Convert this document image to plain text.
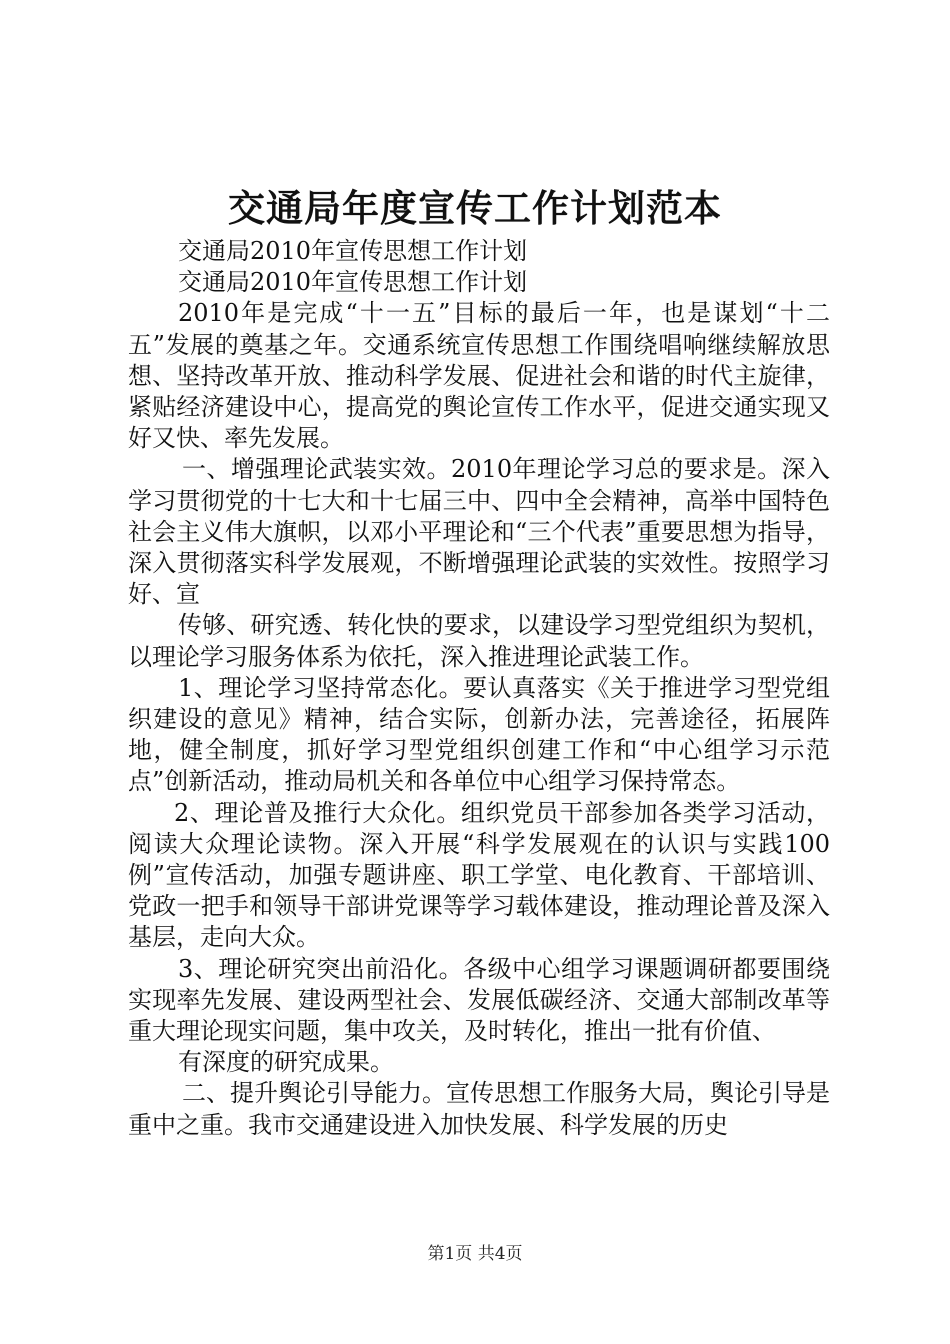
交通局年度宣传工作计划范本

交通局2010年宣传思想工作计划

交通局2010年宣传思想工作计划

2010年是完成“十一五”目标的最后一年，也是谋划“十二五”发展的奠基之年。交通系统宣传思想工作围绕唱响继续解放思想、坚持改革开放、推动科学发展、促进社会和谐的时代主旋律，紧贴经济建设中心，提高党的舆论宣传工作水平，促进交通实现又好又快、率先发展。

一、增强理论武装实效。2010年理论学习总的要求是。深入学习贯彻党的十七大和十七届三中、四中全会精神，高举中国特色社会主义伟大旗帜，以邓小平理论和“三个代表”重要思想为指导，深入贯彻落实科学发展观，不断增强理论武装的实效性。按照学习好、宣

传够、研究透、转化快的要求，以建设学习型党组织为契机，以理论学习服务体系为依托，深入推进理论武装工作。

1、理论学习坚持常态化。要认真落实《关于推进学习型党组织建设的意见》精神，结合实际，创新办法，完善途径，拓展阵地，健全制度，抓好学习型党组织创建工作和“中心组学习示范点”创新活动，推动局机关和各单位中心组学习保持常态。

2、理论普及推行大众化。组织党员干部参加各类学习活动，阅读大众理论读物。深入开展“科学发展观在的认识与实践100例”宣传活动，加强专题讲座、职工学堂、电化教育、干部培训、党政一把手和领导干部讲党课等学习载体建设，推动理论普及深入基层，走向大众。

3、理论研究突出前沿化。各级中心组学习课题调研都要围绕实现率先发展、建设两型社会、发展低碳经济、交通大部制改革等重大理论现实问题，集中攻关，及时转化，推出一批有价值、

有深度的研究成果。

二、提升舆论引导能力。宣传思想工作服务大局，舆论引导是重中之重。我市交通建设进入加快发展、科学发展的历史

第1页 共4页
